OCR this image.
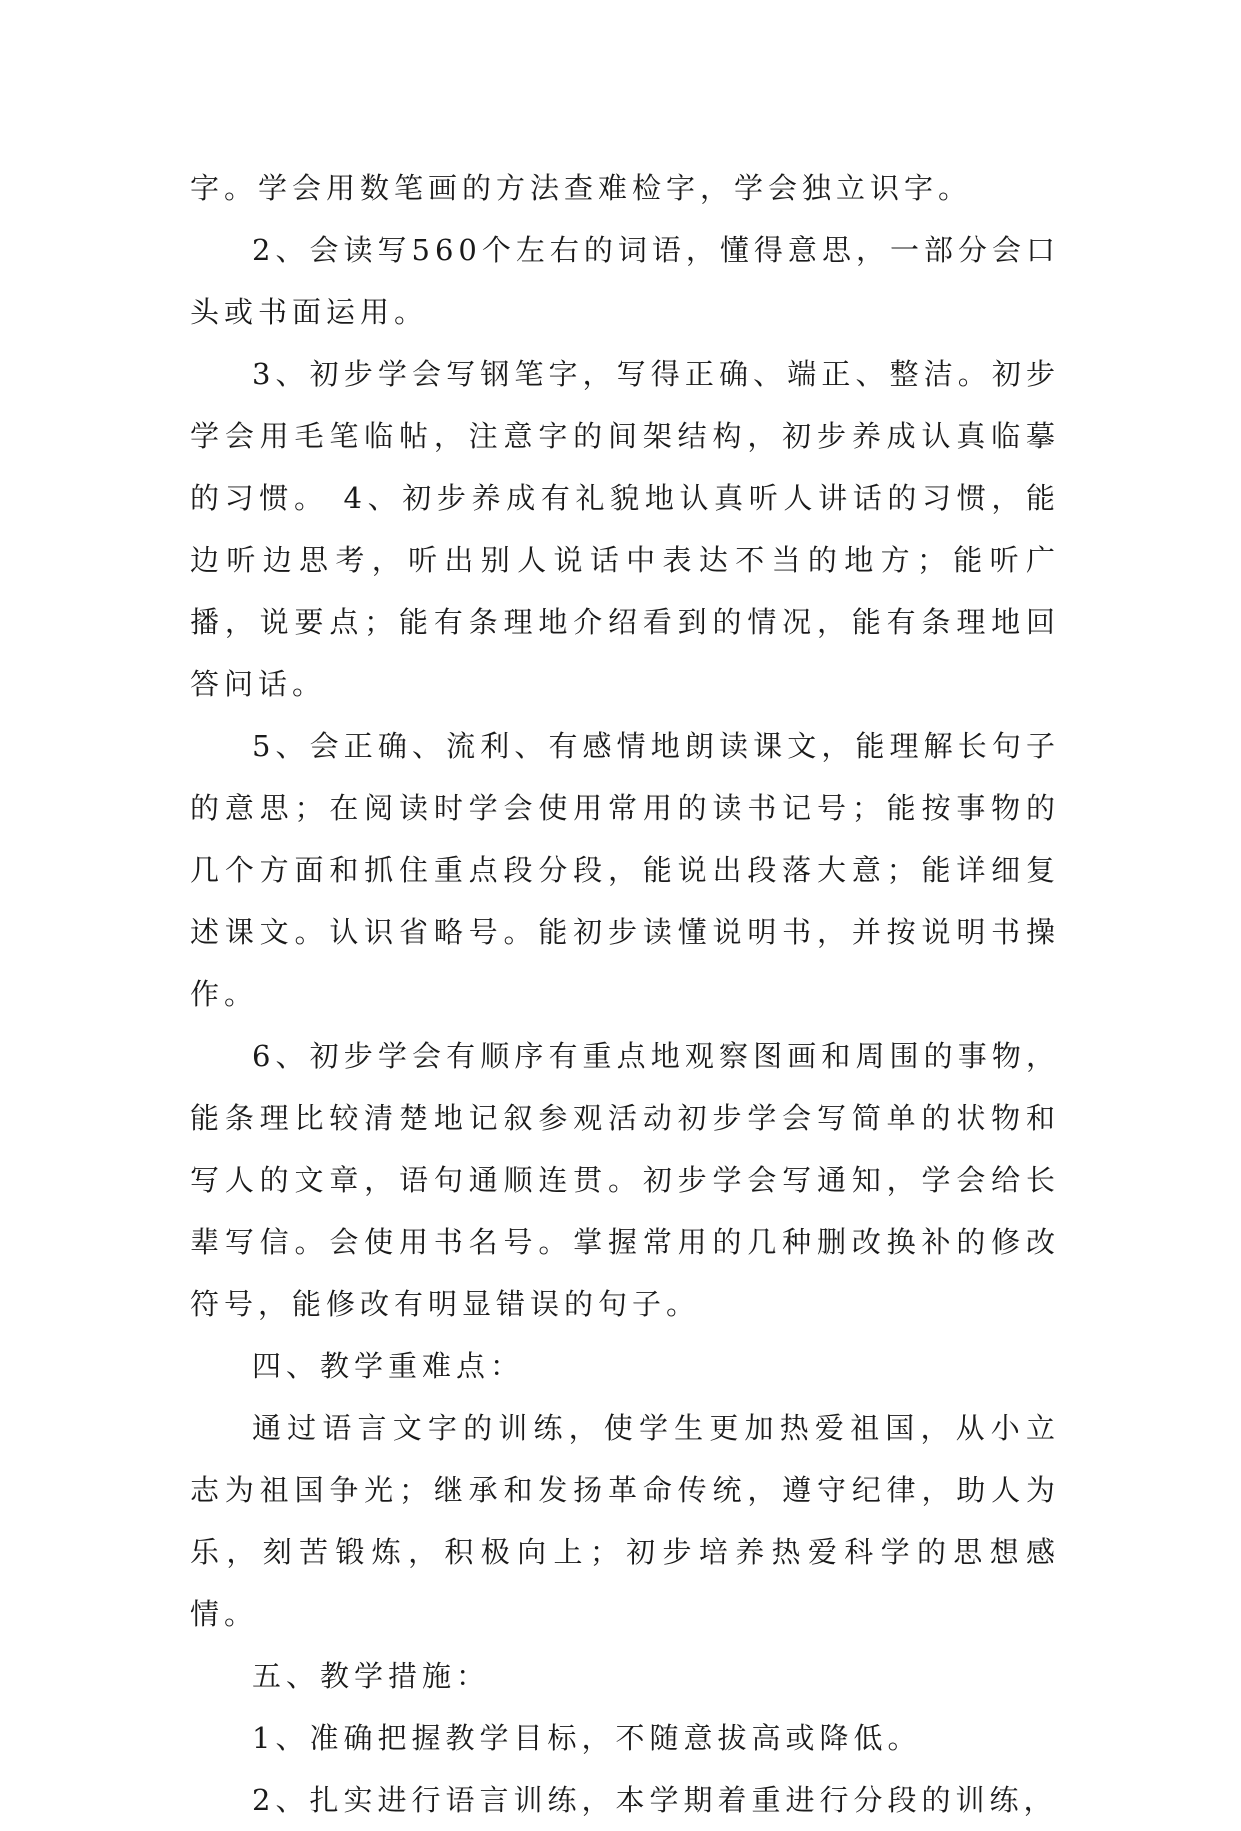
字。学会用数笔画的方法查难检字，学会独立识字。

2、会读写560个左右的词语，懂得意思，一部分会口头或书面运用。

3、初步学会写钢笔字，写得正确、端正、整洁。初步学会用毛笔临帖，注意字的间架结构，初步养成认真临摹的习惯。 4、初步养成有礼貌地认真听人讲话的习惯，能边听边思考，听出别人说话中表达不当的地方；能听广播，说要点；能有条理地介绍看到的情况，能有条理地回答问话。

5、会正确、流利、有感情地朗读课文，能理解长句子的意思；在阅读时学会使用常用的读书记号；能按事物的几个方面和抓住重点段分段，能说出段落大意；能详细复述课文。认识省略号。能初步读懂说明书，并按说明书操作。

6、初步学会有顺序有重点地观察图画和周围的事物，能条理比较清楚地记叙参观活动初步学会写简单的状物和写人的文章，语句通顺连贯。初步学会写通知，学会给长辈写信。会使用书名号。掌握常用的几种删改换补的修改符号，能修改有明显错误的句子。

四、教学重难点：

通过语言文字的训练，使学生更加热爱祖国，从小立志为祖国争光；继承和发扬革命传统，遵守纪律，助人为乐，刻苦锻炼，积极向上；初步培养热爱科学的思想感情。

五、教学措施：

1、准确把握教学目标，不随意拔高或降低。

2、扎实进行语言训练，本学期着重进行分段的训练，
